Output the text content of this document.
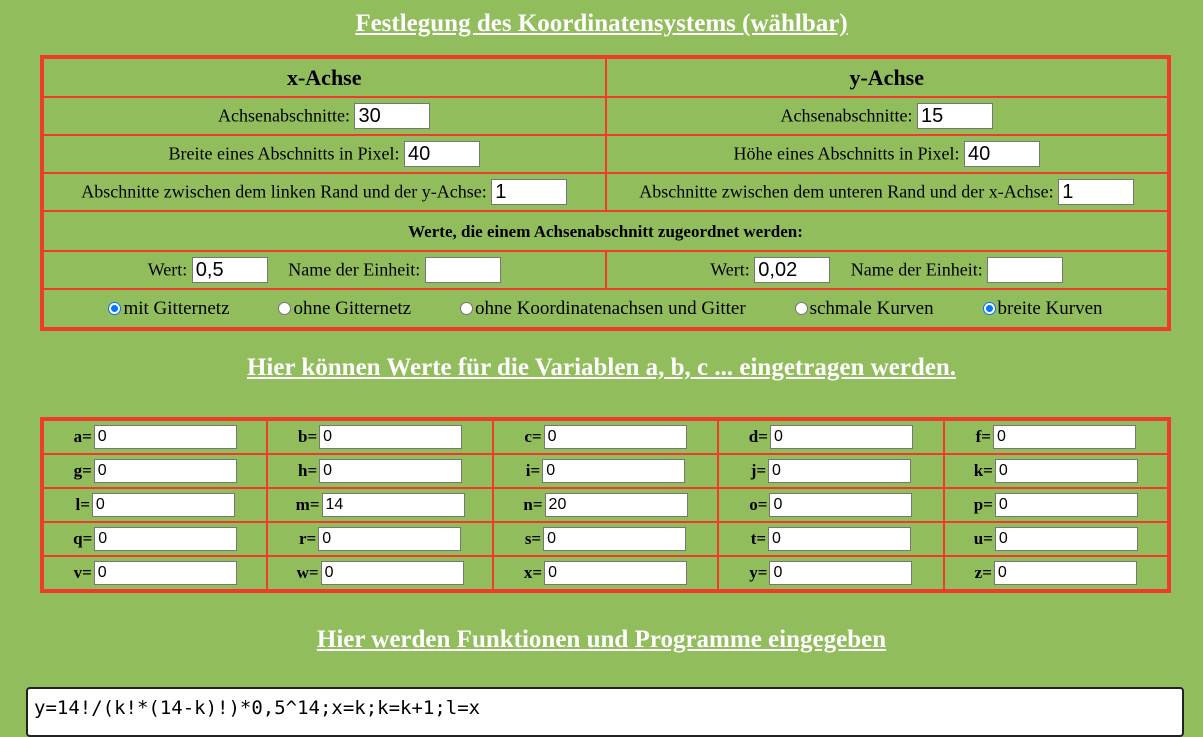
Festlegung des Koordinatensystems (wählbar)
x-Achse	y-Achse
Achsenabschnitte: 30	Achsenabschnitte: 15
Breite eines Abschnitts in Pixel: 40	Höhe eines Abschnitts in Pixel: 40
Abschnitte zwischen dem linken Rand und der y-Achse: 1	Abschnitte zwischen dem unteren Rand und der x-Achse: 1
Werte, die einem Achsenabschnitt zugeordnet werden:	
Wert: 0,5 Name der Einheit:	Wert: 0,02 Name der Einheit:

mit Gitternetz ohne Gitternetz ohne Koordinatenachsen und Gitter schmale Kurven breite Kurven	
Hier können Werte für die Variablen a, b, c ... eingetragen werden.
a=
0	b=
0	c=
0	d=
0	f=
0

g=
0	h=
0	i=
0	j=
0	k=
0

l=
0	m=
14	n=
20	o=
0	p=
0

q=
0	r=
0	s=
0	t=
0	u=
0

v=
0	w=
0	x=
0	y=
0	z=
0
Hier werden Funktionen und Programme eingegeben
y=14!/(k!*(14-k)!)*0,5^14;x=k;k=k+1;l=x
